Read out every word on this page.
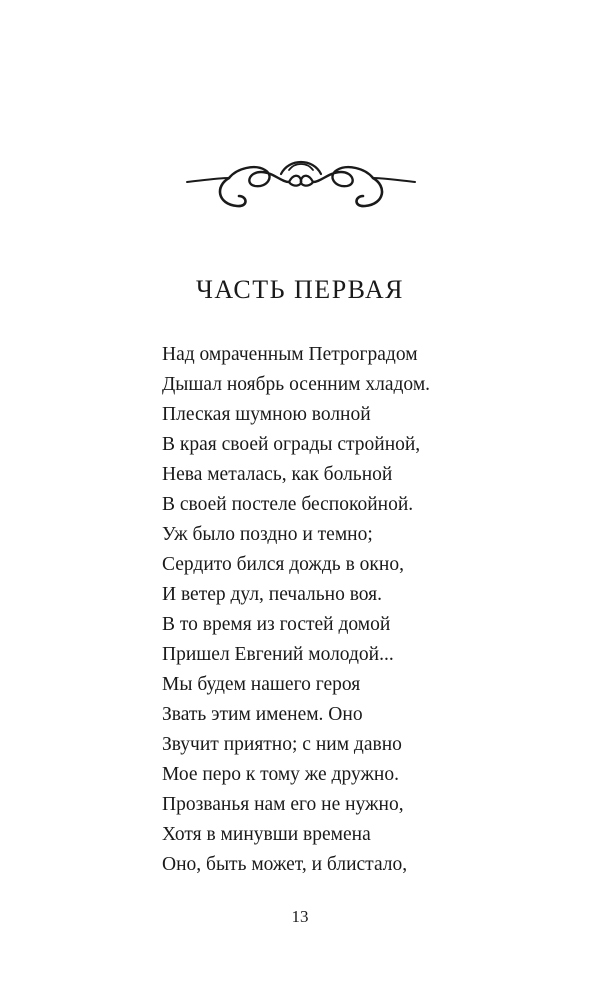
ЧАСТЬ ПЕРВАЯ
Над омраченным Петроградом
Дышал ноябрь осенним хладом.
Плеская шумною волной
В края своей ограды стройной,
Нева металась, как больной
В своей постеле беспокойной.
Уж было поздно и темно;
Сердито бился дождь в окно,
И ветер дул, печально воя.
В то время из гостей домой
Пришел Евгений молодой...
Мы будем нашего героя
Звать этим именем. Оно
Звучит приятно; с ним давно
Мое перо к тому же дружно.
Прозванья нам его не нужно,
Хотя в минувши времена
Оно, быть может, и блистало,
13
